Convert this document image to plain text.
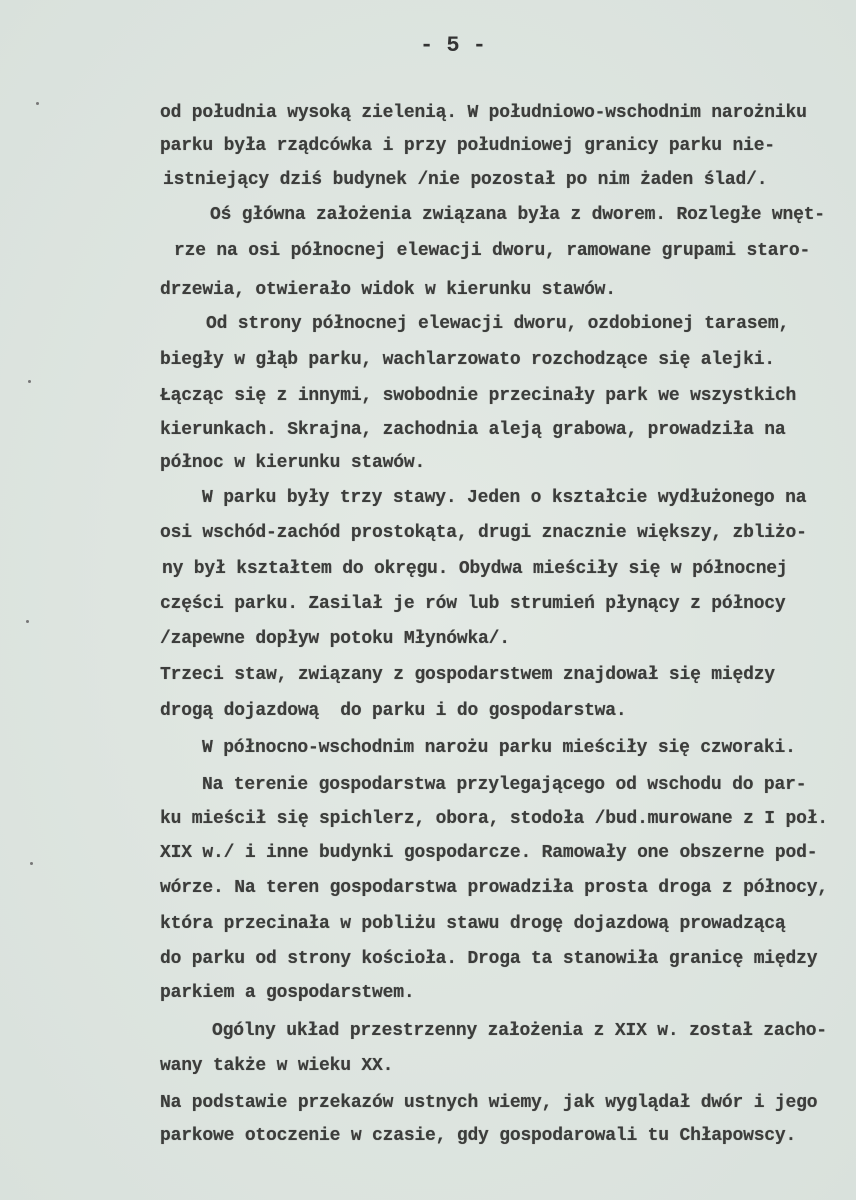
- 5 -
od południa wysoką zielenią. W południowo-wschodnim narożniku
parku była rządcówka i przy południowej granicy parku nie-
istniejący dziś budynek /nie pozostał po nim żaden ślad/.
Oś główna założenia związana była z dworem. Rozległe wnęt-
rze na osi północnej elewacji dworu, ramowane grupami staro-
drzewia, otwierało widok w kierunku stawów.
Od strony północnej elewacji dworu, ozdobionej tarasem,
biegły w głąb parku, wachlarzowato rozchodzące się alejki.
Łącząc się z innymi, swobodnie przecinały park we wszystkich
kierunkach. Skrajna, zachodnia aleją grabowa, prowadziła na
północ w kierunku stawów.
W parku były trzy stawy. Jeden o kształcie wydłużonego na
osi wschód-zachód prostokąta, drugi znacznie większy, zbliżo-
ny był kształtem do okręgu. Obydwa mieściły się w północnej
części parku. Zasilał je rów lub strumień płynący z północy
/zapewne dopływ potoku Młynówka/.
Trzeci staw, związany z gospodarstwem znajdował się między
drogą dojazdową  do parku i do gospodarstwa.
W północno-wschodnim narożu parku mieściły się czworaki.
Na terenie gospodarstwa przylegającego od wschodu do par-
ku mieścił się spichlerz, obora, stodoła /bud.murowane z I poł.
XIX w./ i inne budynki gospodarcze. Ramowały one obszerne pod-
wórze. Na teren gospodarstwa prowadziła prosta droga z północy,
która przecinała w pobliżu stawu drogę dojazdową prowadzącą
do parku od strony kościoła. Droga ta stanowiła granicę między
parkiem a gospodarstwem.
Ogólny układ przestrzenny założenia z XIX w. został zacho-
wany także w wieku XX.
Na podstawie przekazów ustnych wiemy, jak wyglądał dwór i jego
parkowe otoczenie w czasie, gdy gospodarowali tu Chłapowscy.
